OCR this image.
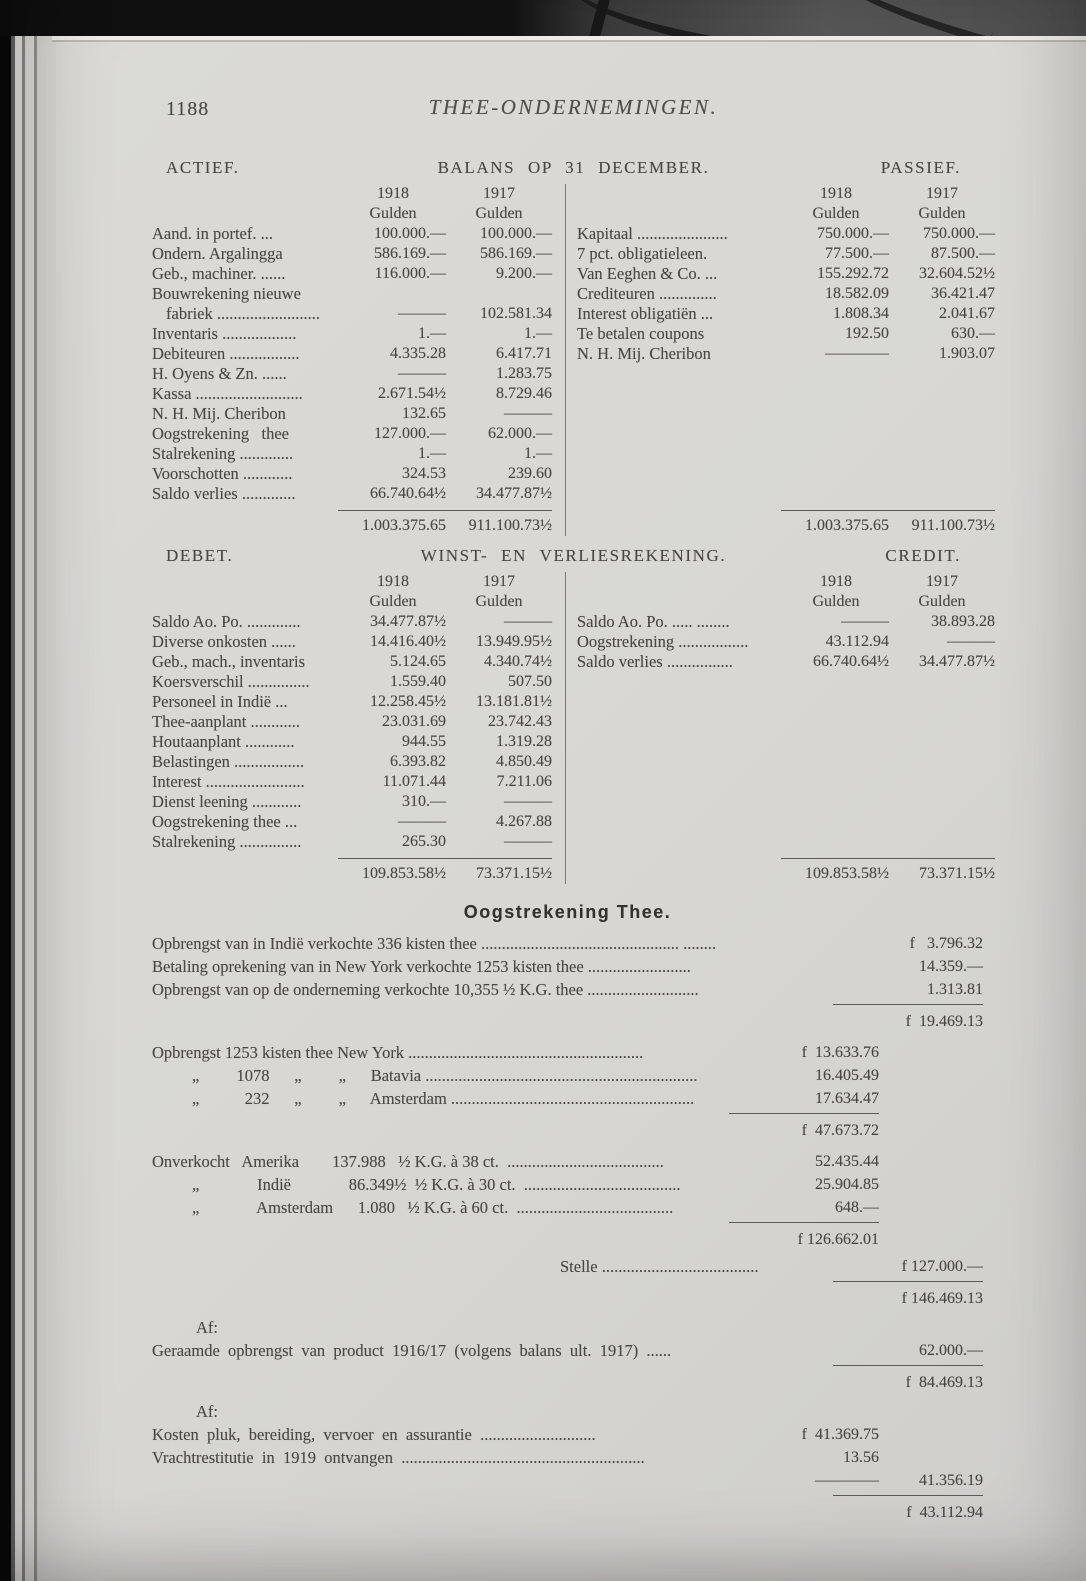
1188	THEE-ONDERNEMINGEN.
ACTIEF.	BALANS OP 31 DECEMBER.	PASSIEF.
1918	1917
Gulden	Gulden
Aand. in portef. ...	100.000.—	100.000.—
Ondern. Argalingga	586.169.—	586.169.—
Geb., machiner. ......	116.000.—	9.200.—
Bouwrekening nieuwe
fabriek .........................	———	102.581.34
Inventaris ..................	1.—	1.—
Debiteuren .................	4.335.28	6.417.71
H. Oyens & Zn. ......	———	1.283.75
Kassa ..........................	2.671.54½	8.729.46
N. H. Mij. Cheribon	132.65	———
Oogstrekening   thee	127.000.—	62.000.—
Stalrekening .............	1.—	1.—
Voorschotten ............	324.53	239.60
Saldo verlies .............	66.740.64½	34.477.87½
1.003.375.65	911.100.73½
1918	1917
Gulden	Gulden
Kapitaal ......................	750.000.—	750.000.—
7 pct. obligatieleen.	77.500.—	87.500.—
Van Eeghen & Co. ...	155.292.72	32.604.52½
Crediteuren ..............	18.582.09	36.421.47
Interest obligatiën ...	1.808.34	2.041.67
Te betalen coupons	192.50	630.—
N. H. Mij. Cheribon	————	1.903.07
1.003.375.65	911.100.73½
DEBET.	WINST- EN VERLIESREKENING.	CREDIT.
1918	1917
Gulden	Gulden
Saldo Ao. Po. .............	34.477.87½	———
Diverse onkosten ......	14.416.40½	13.949.95½
Geb., mach., inventaris	5.124.65	4.340.74½
Koersverschil ...............	1.559.40	507.50
Personeel in Indië ...	12.258.45½	13.181.81½
Thee-aanplant ............	23.031.69	23.742.43
Houtaanplant ............	944.55	1.319.28
Belastingen .................	6.393.82	4.850.49
Interest ........................	11.071.44	7.211.06
Dienst leening ............	310.—	———
Oogstrekening thee ...	———	4.267.88
Stalrekening ...............	265.30	———
109.853.58½	73.371.15½
1918	1917
Gulden	Gulden
Saldo Ao. Po. ..... ........	———	38.893.28
Oogstrekening .................	43.112.94	———
Saldo verlies ................	66.740.64½	34.477.87½
109.853.58½	73.371.15½
Oogstrekening Thee.
Opbrengst van in Indië verkochte 336 kisten thee ................................................ ........	f   3.796.32
Betaling oprekening van in New York verkochte 1253 kisten thee .........................	14.359.—
Opbrengst van op de onderneming verkochte 10,355 ½ K.G. thee ...........................	1.313.81
f  19.469.13
Opbrengst 1253 kisten thee New York .........................................................	f  13.633.76
„         1078      „         „      Batavia ..................................................................	16.405.49
„           232      „         „      Amsterdam ...........................................................	17.634.47
f  47.673.72
Onverkocht   Amerika        137.988   ½ K.G. à 38 ct.  ......................................	52.435.44
„              Indië              86.349½  ½ K.G. à 30 ct.  ......................................	25.904.85
„              Amsterdam      1.080   ½ K.G. à 60 ct.  ......................................	648.—
f 126.662.01
Stelle ......................................	f 127.000.—
f 146.469.13
Af:
Geraamde  opbrengst  van  product  1916/17  (volgens  balans  ult.  1917)  ......	62.000.—
f  84.469.13
Af:
Kosten  pluk,  bereiding,  vervoer  en  assurantie  ............................	f  41.369.75
Vrachtrestitutie  in  1919  ontvangen  ...........................................................	13.56
————	41.356.19
f  43.112.94
